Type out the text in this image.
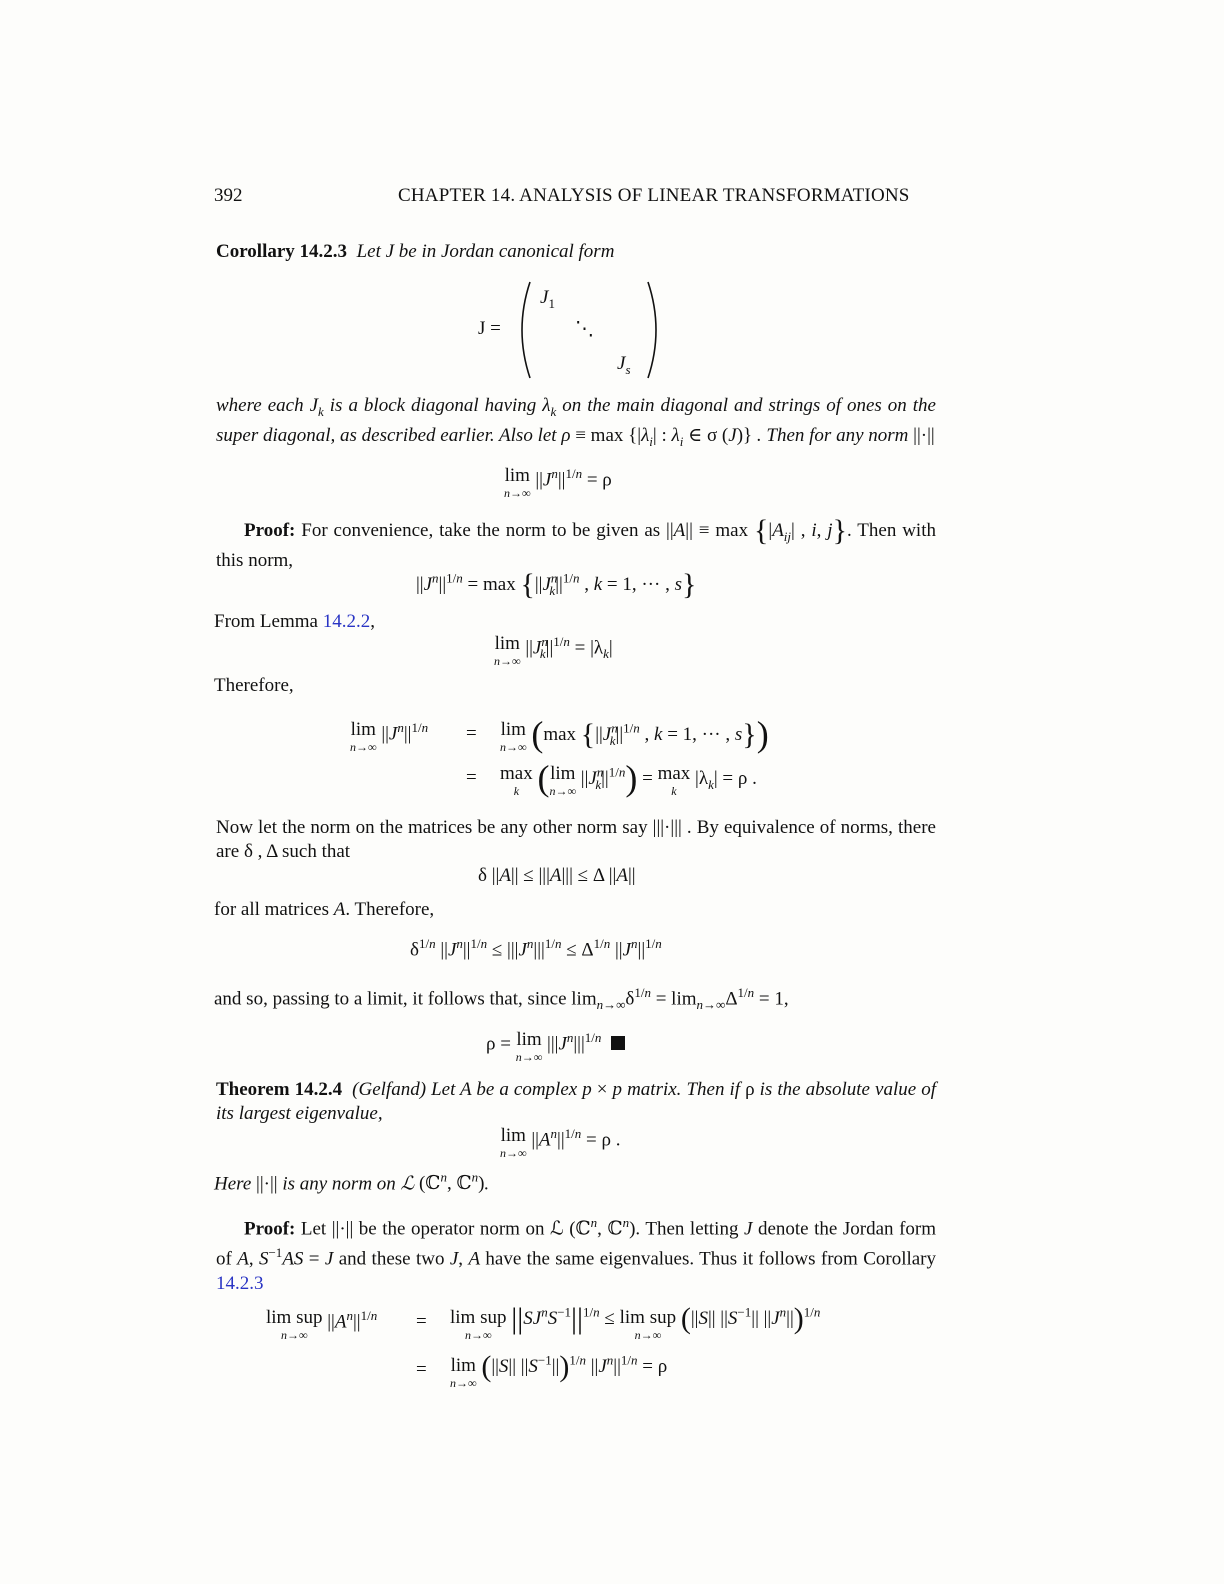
392	CHAPTER 14. ANALYSIS OF LINEAR TRANSFORMATIONS
Corollary 14.2.3 Let J be in Jordan canonical form
J =
$J_1$
⋱
$J_s$
where each $J_k$ is a block diagonal having $\lambda_k$ on the main diagonal and strings of ones on the super diagonal, as described earlier. Also let $\rho \equiv \max \{|\lambda_i|$ : $\lambda_i$ ∈ σ (J)} . Then for any norm ||·||
lim
n→∞
$||J^n||^{1/n} = \rho$
Proof: For convenience, take the norm to be given as $||A|| \equiv \max \{|A_{ij}|$ , i, j}. Then with this norm,
$||J^n||^{1/n} = \max \{||J^n_k||^{1/n}$ , k = 1, ··· , s}
From Lemma 14.2.2,
lim
n→∞
$||J^n_k||^{1/n} = |\lambda_k|$
Therefore,
lim
n→∞
$||J^n||^{1/n} = \lim$
n→∞ (max {$||J^n_k||^{1/n}$ , k = 1, ··· , s})
= max
k ( lim
n→∞
$||J^n_k||^{1/n}) = \max$
k
$|\lambda_k| = \rho$ .
Now let the norm on the matrices be any other norm say |||·||| . By equivalence of norms, there are δ , Δ such that
δ ||A|| ≤ |||A||| ≤ Δ ||A||
for all matrices A. Therefore,
$\delta^{1/n}$ $||J^n||^{1/n} \le |||J^n|||^{1/n} \le \Delta^{1/n}$ $||J^n||^{1/n}$
and so, passing to a limit, it follows that, since $\lim_{n\to\infty}\delta^{1/n} = \lim_{n\to\infty}\Delta^{1/n} = 1$,
ρ = lim
n→∞
$|||J^n|||^{1/n}$
Theorem 14.2.4 (Gelfand) Let A be a complex p × p matrix. Then if ρ is the absolute value of its largest eigenvalue,
lim
n→∞
$||A^n||^{1/n} = \rho$ .
Here ||·|| is any norm on ℒ (ℂ$^n$, ℂ$^n$).
Proof: Let ||·|| be the operator norm on ℒ (ℂ$^n$, ℂ$^n$). Then letting J denote the Jordan form of A, $S^{-1}AS = J$ and these two J, A have the same eigenvalues. Thus it follows from Corollary 14.2.3
lim sup
n→∞
$||A^n||^{1/n} = \lim$ sup
n→∞ $||SJ^nS^{-1}||^{1/n} \le \lim$ sup
n→∞ (||S|| $||S^{-1}||$ $||J^n||)^{1/n}$
= lim
n→∞ (||S|| $||S^{-1}||)^{1/n}$ $||J^n||^{1/n} = \rho$
